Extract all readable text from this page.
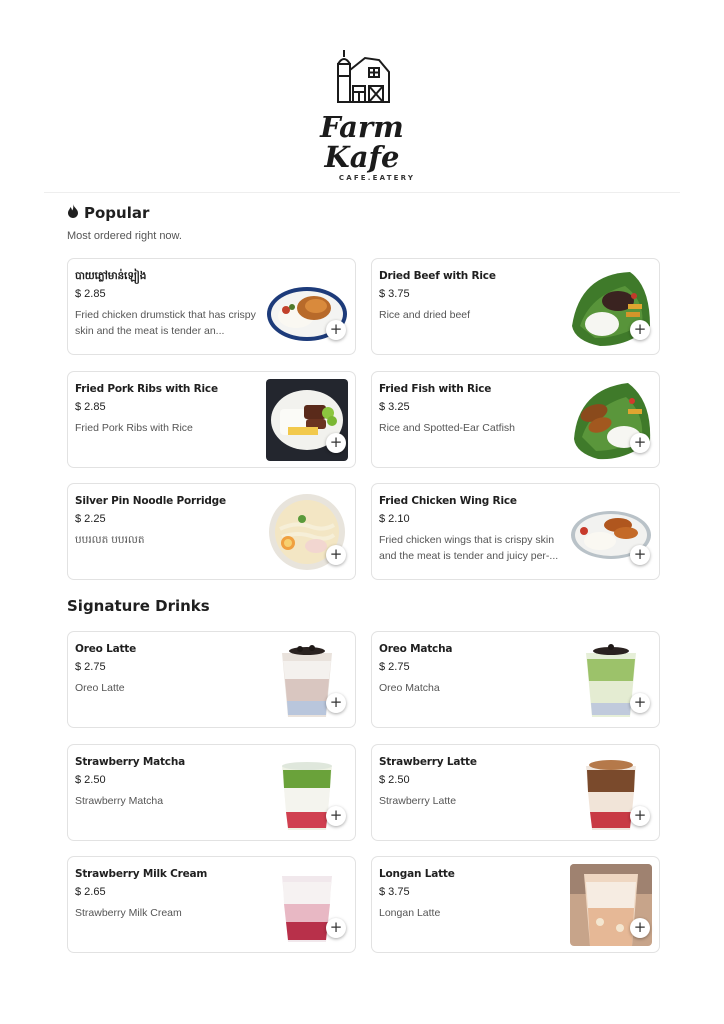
Farm Kafe
CAFE.EATERY
Popular
Most ordered right now.
បាយភ្លៅមាន់ឡៀង
$ 2.85
Fried chicken drumstick that has crispy skin and the meat is tender an...	+
Dried Beef with Rice
$ 3.75
Rice and dried beef
+
Fried Pork Ribs with Rice
$ 2.85
Fried Pork Ribs with Rice
+
Fried Fish with Rice
$ 3.25
Rice and Spotted-Ear Catfish
+
Silver Pin Noodle Porridge
$ 2.25
បបរលត បបរលត
+
Fried Chicken Wing Rice
$ 2.10
Fried chicken wings that is crispy skin and the meat is tender and juicy per-...	+
Signature Drinks
Oreo Latte
$ 2.75
Oreo Latte
+
Oreo Matcha
$ 2.75
Oreo Matcha
+
Strawberry Matcha
$ 2.50
Strawberry Matcha
+
Strawberry Latte
$ 2.50
Strawberry Latte
+
Strawberry Milk Cream
$ 2.65
Strawberry Milk Cream
+
Longan Latte
$ 3.75
Longan Latte
+
